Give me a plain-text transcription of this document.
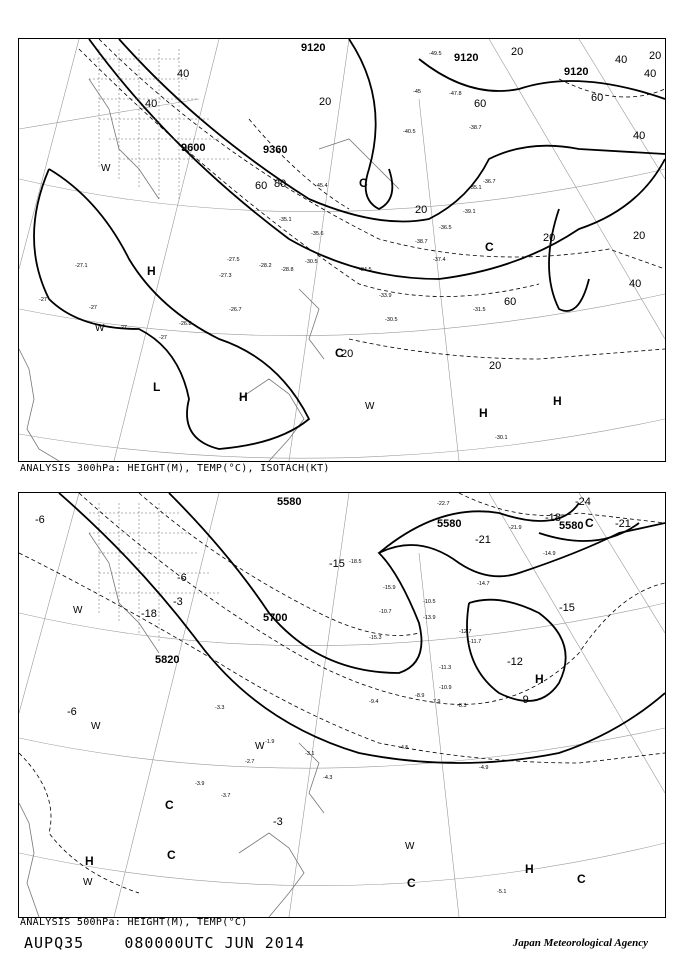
9120
9120
9120
9600	9360
40
40
40
40
60
60
80
20
20
20
20	20
20
20
60
60
40
40 20
H
H
H
H
L
C
C
C
W
W
W
-27
-27.1
-27
-27
-27
-26.8
-27.3
-27.5
-26.7
-28.2
-28.8
-30.5
-35.1
-35.6
-34.5
-33.9
-31.5
-30.5
-38.7
-39.1
-36.5
-37.4
-40.5
-45	-47.8
-45.4
-49.5
-38.7
-35.1
-36.7
-30.1
ANALYSIS 300hPa: HEIGHT(M), TEMP(°C), ISOTACH(KT)
5580
5580	5580
5700
5820
-6
-3
-3
-6
-24
-21
-21
-18
-15
-12
-9
-6
-15
-18
H
H
H
C
C	C
C
C
W
W
W
W
W
-18.5
-15.9
-15.3
-10.5
-10.7
-12.7
-11.7
-13.9
-14.7
-14.9
-11.3
-10.9
-8.9
-8.3
-7.9
-9.4
-4.5
-4.9
-3.7
-3.9
-3.1
-4.3
-1.9
-2.7
-3.3
-5.1
-22.7
-21.9
ANALYSIS 500hPa: HEIGHT(M), TEMP(°C)
AUPQ35	080000UTC JUN 2014	Japan Meteorological Agency
